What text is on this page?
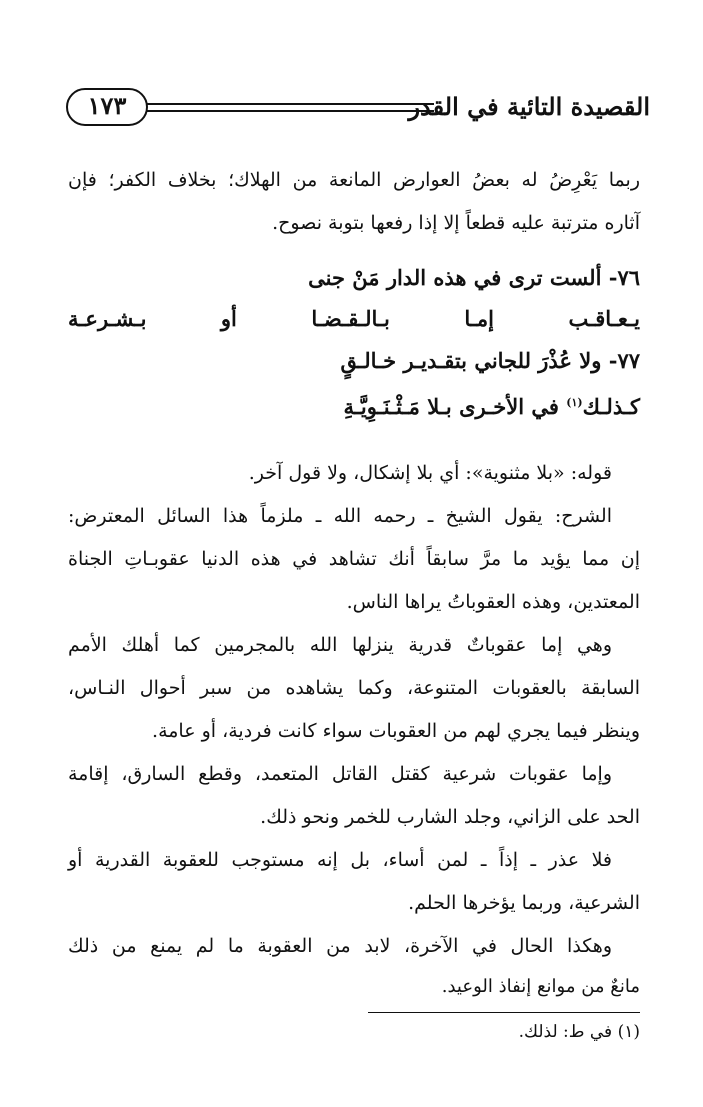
القصيدة التائية في القدر
١٧٣
ربما يَعْرِضُ له بعضُ العوارض المانعة من الهلاك؛ بخلاف الكفر؛ فإن
آثاره مترتبة عليه قطعاً إلا إذا رفعها بتوبة نصوح.
٧٦- ألست ترى في هذه الدار مَنْ جنى
يـعـاقـب إمـا بـالـقـضـا أو بـشـرعـة
٧٧- ولا عُذْرَ للجاني بتقـديـر خـالـقٍ
كـذلـك$^{(١)}$ في الأخـرى بـلا مَـثْـنَـوِيَّـةِ
قوله: «بلا مثنوية»: أي بلا إشكال، ولا قول آخر.
الشرح: يقول الشيخ ـ رحمه الله ـ ملزماً هذا السائل المعترض:
إن مما يؤيد ما مرَّ سابقاً أنك تشاهد في هذه الدنيا عقوبـاتِ الجناة
المعتدين، وهذه العقوباتُ يراها الناس.
وهي إما عقوباتٌ قدرية ينزلها الله بالمجرمين كما أهلك الأمم
السابقة بالعقوبات المتنوعة، وكما يشاهده من سبر أحوال النـاس،
وينظر فيما يجري لهم من العقوبات سواء كانت فردية، أو عامة.
وإما عقوبات شرعية كقتل القاتل المتعمد، وقطع السارق، إقامة
الحد على الزاني، وجلد الشارب للخمر ونحو ذلك.
فلا عذر ـ إذاً ـ لمن أساء، بل إنه مستوجب للعقوبة القدرية أو
الشرعية، وربما يؤخرها الحلم.
وهكذا الحال في الآخرة، لابد من العقوبة ما لم يمنع من ذلك
مانعٌ من موانع إنفاذ الوعيد.
(١) في ط: لذلك.
